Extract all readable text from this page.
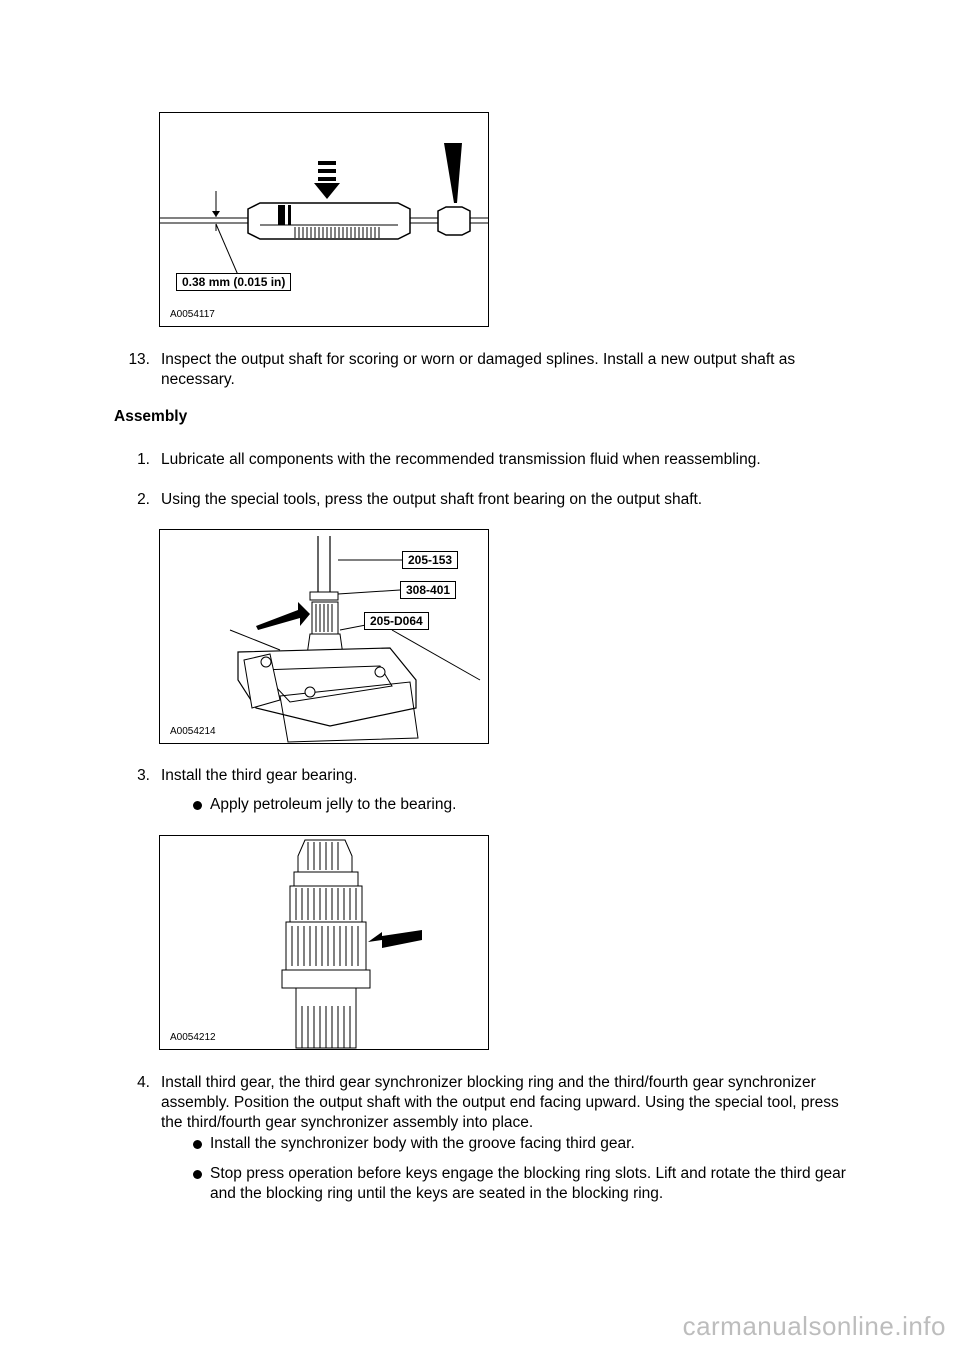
0.38 mm (0.015 in)
A0054117
13. Inspect the output shaft for scoring or worn or damaged splines. Install a new output shaft as necessary.
Assembly
1. Lubricate all components with the recommended transmission fluid when reassembling.
2. Using the special tools, press the output shaft front bearing on the output shaft.
205-153
308-401
205-D064
A0054214
3. Install the third gear bearing.
Apply petroleum jelly to the bearing.
A0054212
4. Install third gear, the third gear synchronizer blocking ring and the third/fourth gear synchronizer assembly. Position the output shaft with the output end facing upward. Using the special tool, press the third/fourth gear synchronizer assembly into place.
Install the synchronizer body with the groove facing third gear.
Stop press operation before keys engage the blocking ring slots. Lift and rotate the third gear and the blocking ring until the keys are seated in the blocking ring.
carmanualsonline.info
